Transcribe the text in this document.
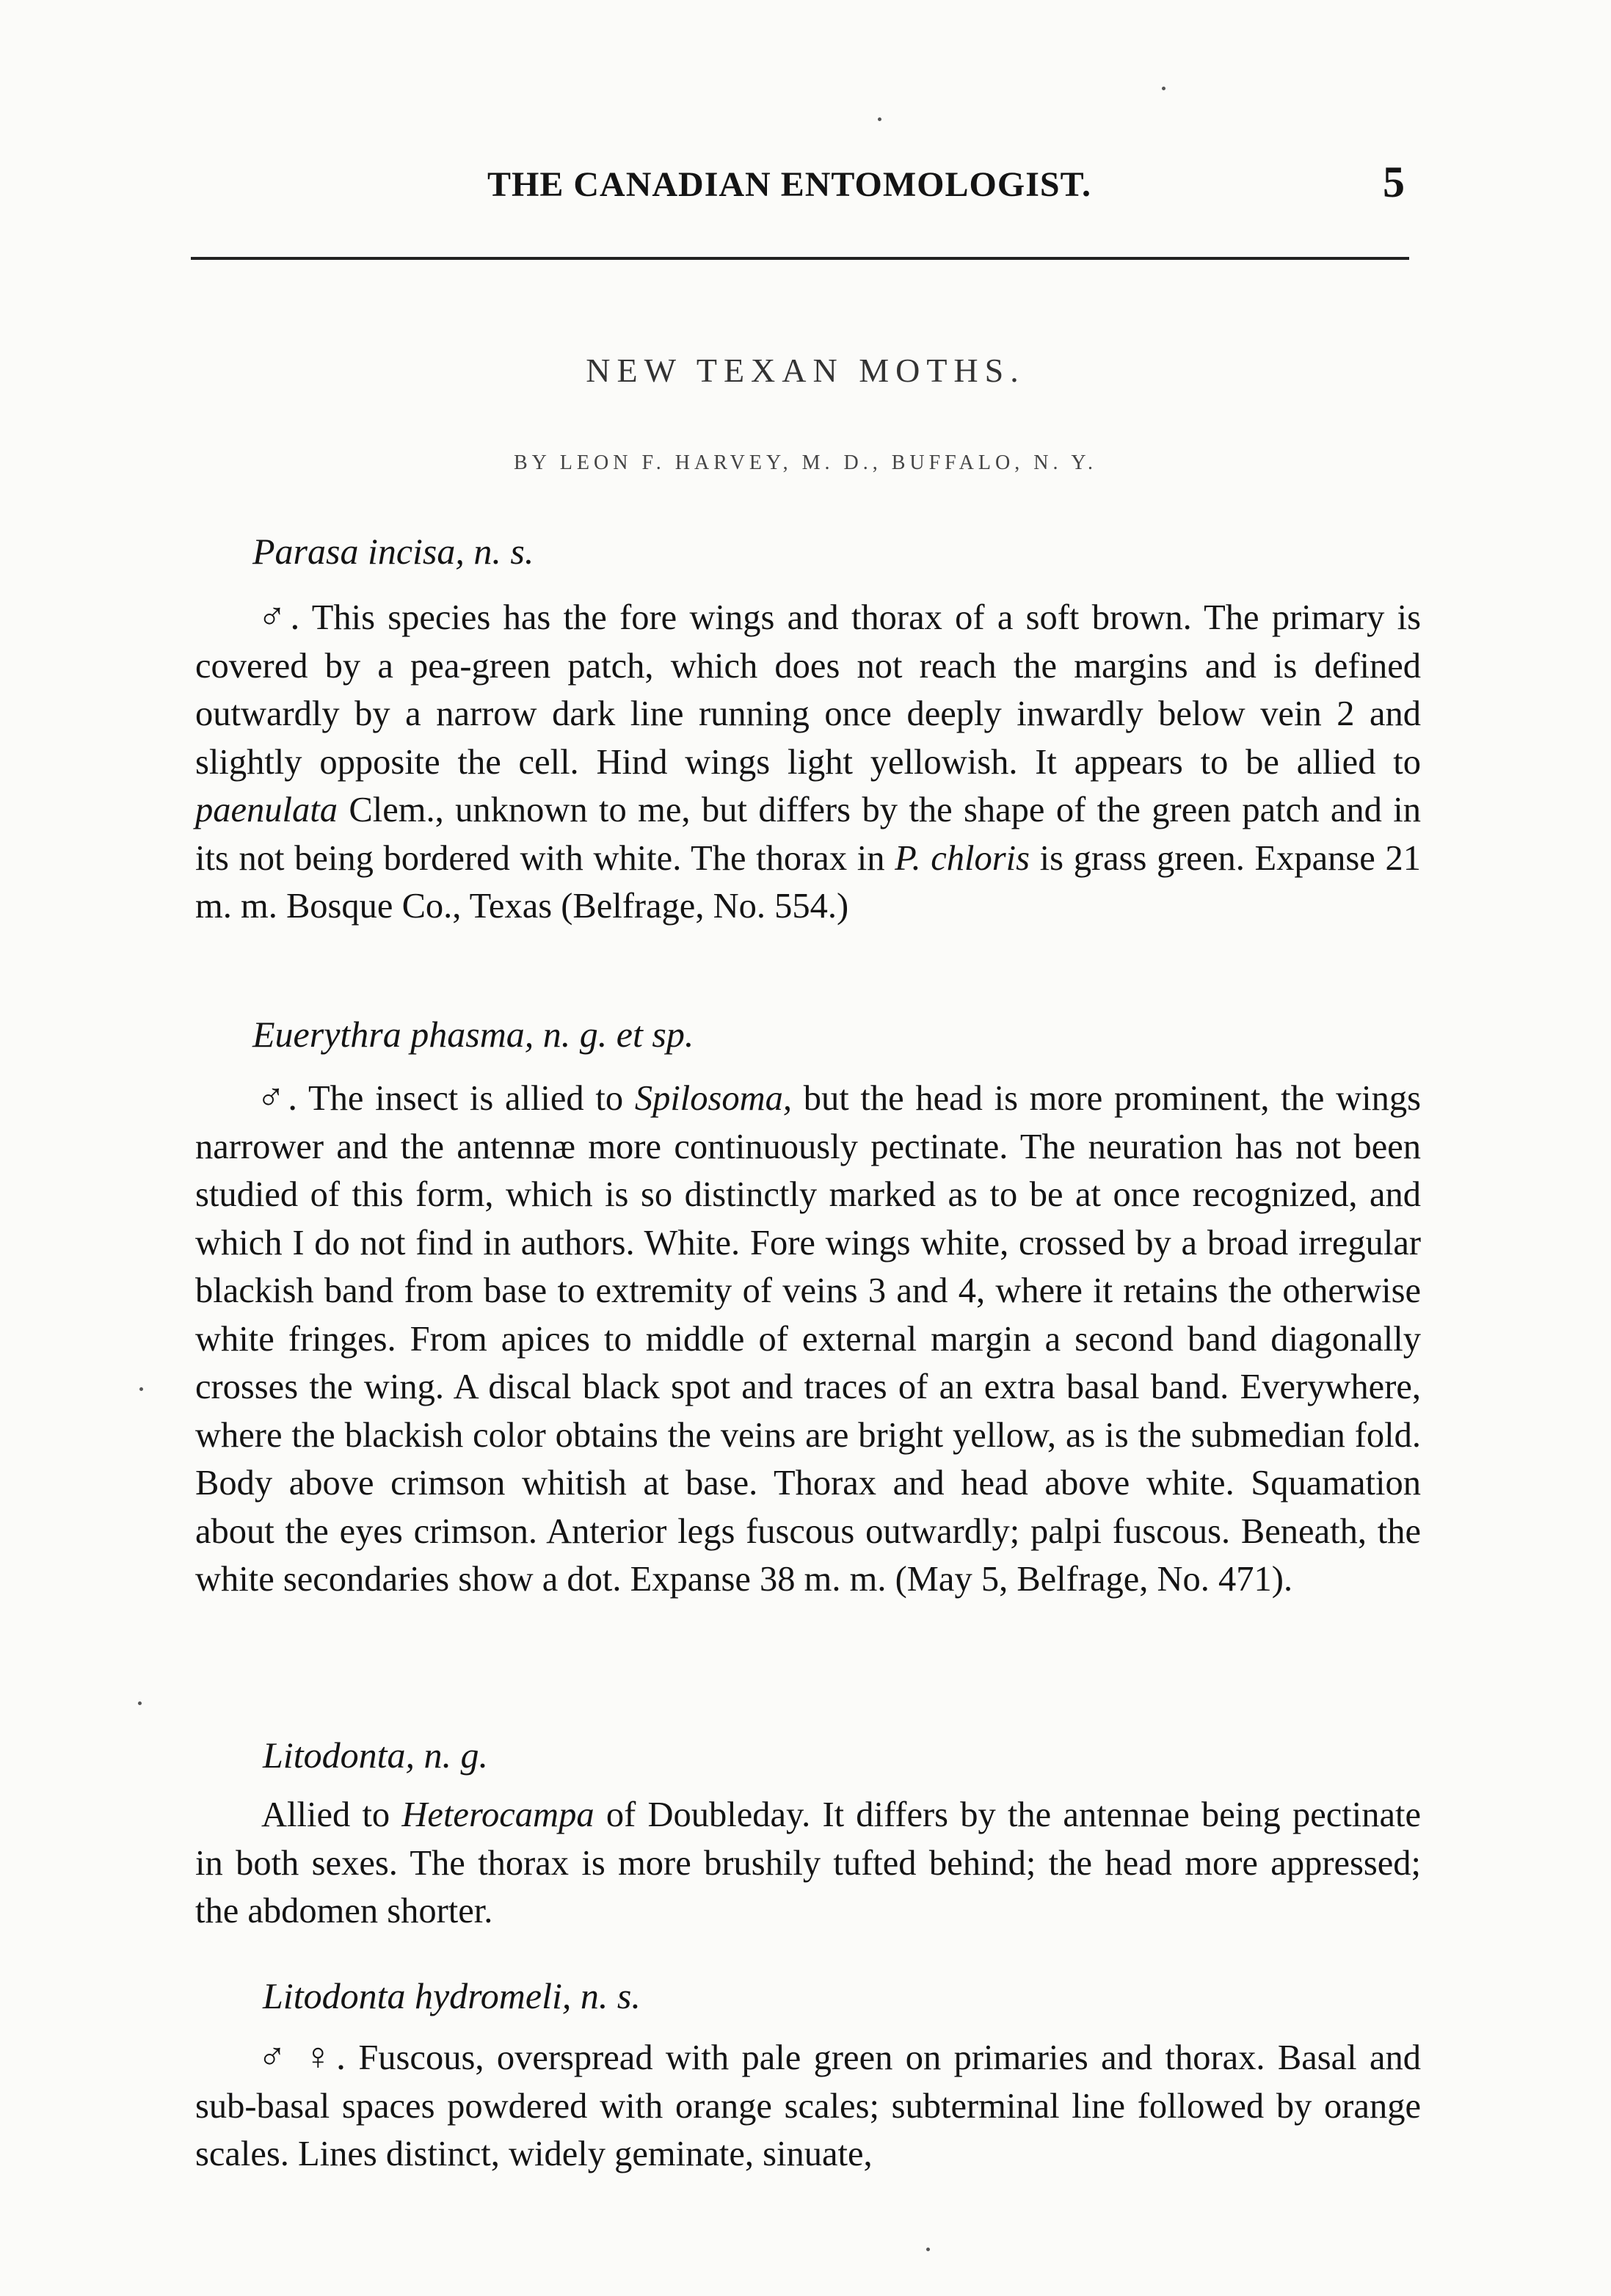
THE CANADIAN ENTOMOLOGIST.	5
NEW TEXAN MOTHS.
BY LEON F. HARVEY, M. D., BUFFALO, N. Y.
Parasa incisa, n. s.
♂. This species has the fore wings and thorax of a soft brown. The primary is covered by a pea-green patch, which does not reach the margins and is defined outwardly by a narrow dark line running once deeply inwardly below vein 2 and slightly opposite the cell. Hind wings light yellowish. It appears to be allied to paenulata Clem., unknown to me, but differs by the shape of the green patch and in its not being bordered with white. The thorax in P. chloris is grass green. Expanse 21 m. m. Bosque Co., Texas (Belfrage, No. 554.)
Euerythra phasma, n. g. et sp.
♂. The insect is allied to Spilosoma, but the head is more prominent, the wings narrower and the antennæ more continuously pectinate. The neuration has not been studied of this form, which is so distinctly marked as to be at once recognized, and which I do not find in authors. White. Fore wings white, crossed by a broad irregular blackish band from base to extremity of veins 3 and 4, where it retains the otherwise white fringes. From apices to middle of external margin a second band diagonally crosses the wing. A discal black spot and traces of an extra basal band. Everywhere, where the blackish color obtains the veins are bright yellow, as is the submedian fold. Body above crimson whitish at base. Thorax and head above white. Squamation about the eyes crimson. Anterior legs fuscous outwardly; palpi fuscous. Beneath, the white secondaries show a dot. Expanse 38 m. m. (May 5, Belfrage, No. 471).
Litodonta, n. g.
Allied to Heterocampa of Doubleday. It differs by the antennae being pectinate in both sexes. The thorax is more brushily tufted behind; the head more appressed; the abdomen shorter.
Litodonta hydromeli, n. s.
♂ ♀. Fuscous, overspread with pale green on primaries and thorax. Basal and sub-basal spaces powdered with orange scales; subterminal line followed by orange scales. Lines distinct, widely geminate, sinuate,
